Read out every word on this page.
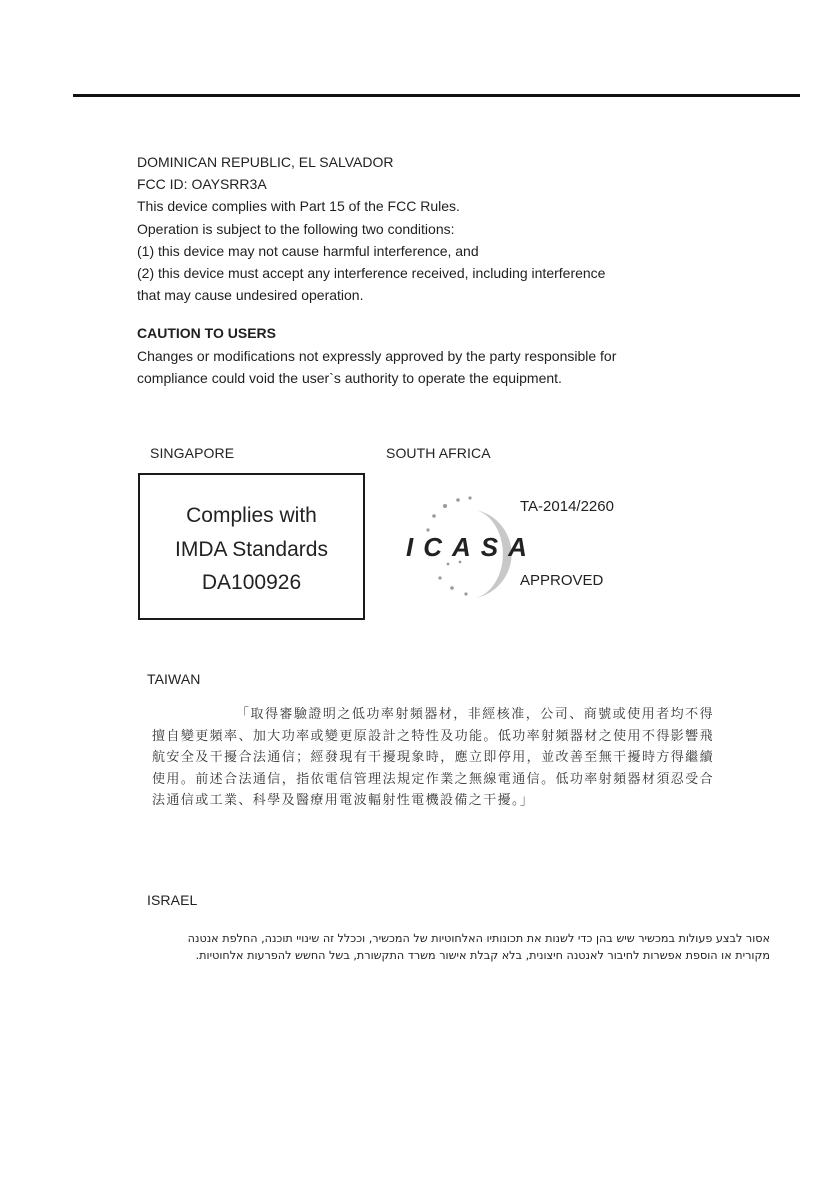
DOMINICAN REPUBLIC, EL SALVADOR
FCC ID: OAYSRR3A
This device complies with Part 15 of the FCC Rules.
Operation is subject to the following two conditions:
(1) this device may not cause harmful interference, and
(2) this device must accept any interference received, including interference
that may cause undesired operation.
CAUTION TO USERS
Changes or modifications not expressly approved by the party responsible for
compliance could void the user`s authority to operate the equipment.
SINGAPORE	SOUTH AFRICA
Complies with
IMDA Standards
DA100926
ICASA
TA-2014/2260
APPROVED
TAIWAN
「取得審驗證明之低功率射頻器材，非經核准，公司、商號或使用者均不得擅自變更頻率、加大功率或變更原設計之特性及功能。低功率射頻器材之使用不得影響飛航安全及干擾合法通信；經發現有干擾現象時，應立即停用，並改善至無干擾時方得繼續使用。前述合法通信，指依電信管理法規定作業之無線電通信。低功率射頻器材須忍受合法通信或工業、科學及醫療用電波輻射性電機設備之干擾。」
ISRAEL
אסור לבצע פעולות במכשיר שיש בהן כדי לשנות את תכונותיו האלחוטיות של המכשיר, וככלל זה שינויי תוכנה, החלפת אנטנה מקורית או הוספת אפשרות לחיבור לאנטנה חיצונית, בלא קבלת אישור משרד התקשורת, בשל החשש להפרעות אלחוטיות.
